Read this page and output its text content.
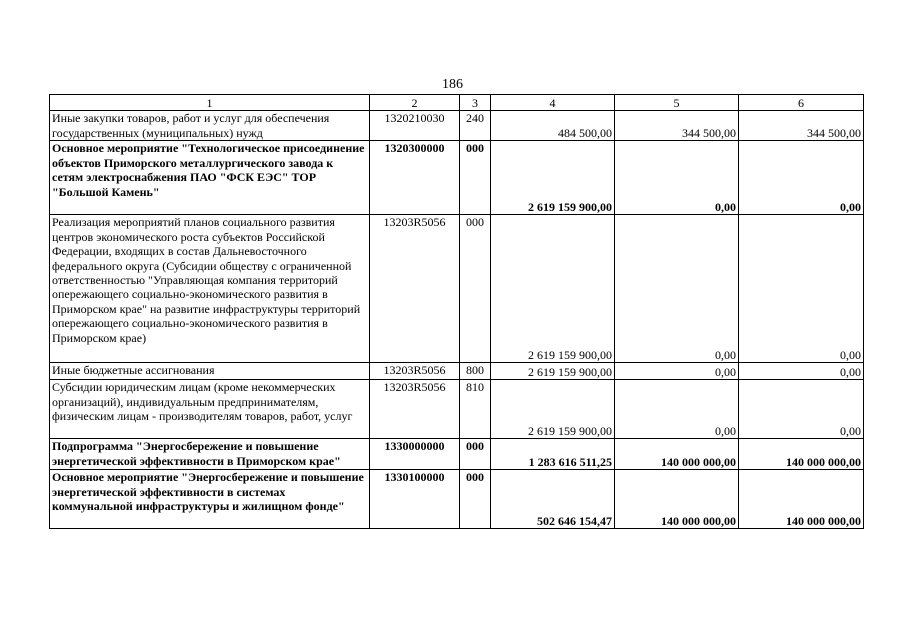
186
1	2	3	4	5	6
Иные закупки товаров, работ и услуг для обеспечения государственных (муниципальных) нужд	1320210030	240	484 500,00	344 500,00	344 500,00
Основное мероприятие "Технологическое присоединение объектов Приморского металлургического завода к сетям электроснабжения ПАО "ФСК ЕЭС" ТОР "Большой Камень"	1320300000	000	2 619 159 900,00	0,00	0,00
Реализация мероприятий планов социального развития центров экономического роста субъектов Российской Федерации, входящих в состав Дальневосточного федерального округа (Субсидии обществу с ограниченной ответственностью "Управляющая компания территорий опережающего социально-экономического развития в Приморском крае" на развитие инфраструктуры территорий опережающего социально-экономического развития в Приморском крае)	13203R5056	000	2 619 159 900,00	0,00	0,00
Иные бюджетные ассигнования	13203R5056	800	2 619 159 900,00	0,00	0,00
Субсидии юридическим лицам (кроме некоммерческих организаций), индивидуальным предпринимателям, физическим лицам - производителям товаров, работ, услуг	13203R5056	810	2 619 159 900,00	0,00	0,00
Подпрограмма "Энергосбережение и повышение энергетической эффективности в Приморском крае"	1330000000	000	1 283 616 511,25	140 000 000,00	140 000 000,00
Основное мероприятие "Энергосбережение и повышение энергетической эффективности в системах коммунальной инфраструктуры и жилищном фонде"	1330100000	000	502 646 154,47	140 000 000,00	140 000 000,00
